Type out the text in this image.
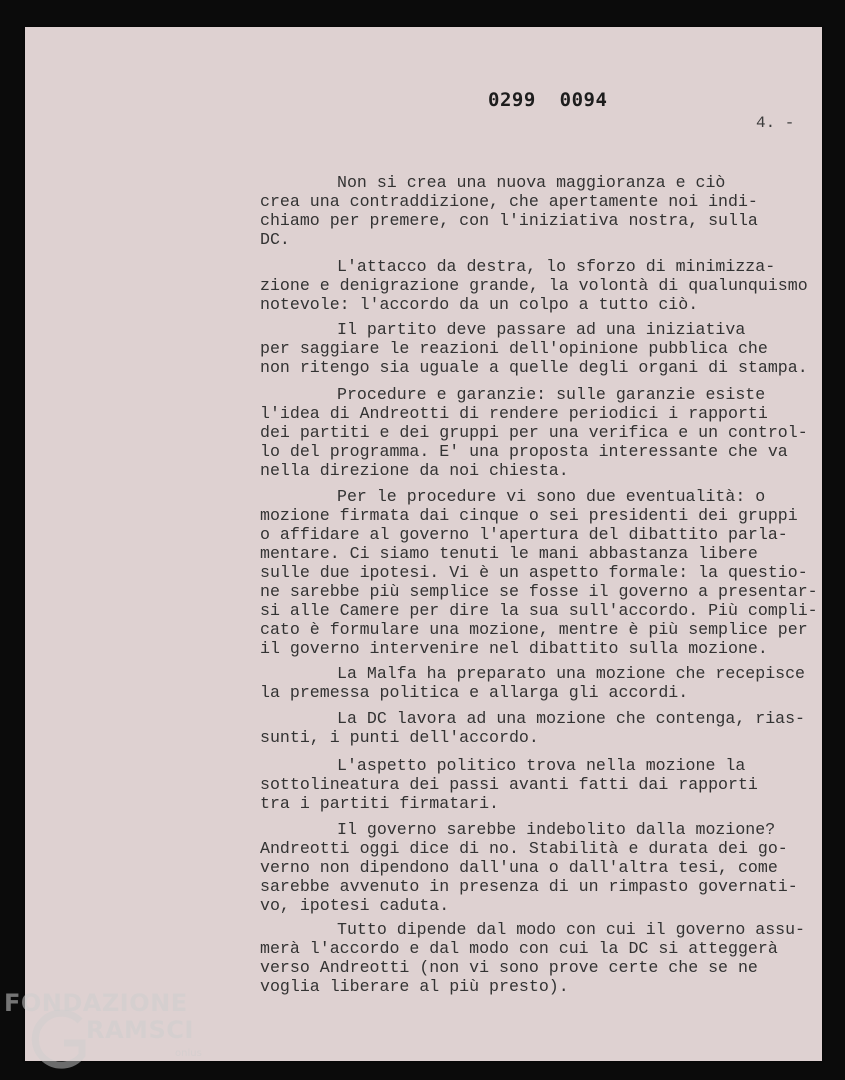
0299  0094
4. -
Non si crea una nuova maggioranza e ciò
crea una contraddizione, che apertamente noi indi-
chiamo per premere, con l'iniziativa nostra, sulla
DC.
L'attacco da destra, lo sforzo di minimizza-
zione e denigrazione grande, la volontà di qualunquismo
notevole: l'accordo da un colpo a tutto ciò.
Il partito deve passare ad una iniziativa
per saggiare le reazioni dell'opinione pubblica che
non ritengo sia uguale a quelle degli organi di stampa.
Procedure e garanzie: sulle garanzie esiste
l'idea di Andreotti di rendere periodici i rapporti
dei partiti e dei gruppi per una verifica e un control-
lo del programma. E' una proposta interessante che va
nella direzione da noi chiesta.
Per le procedure vi sono due eventualità: o
mozione firmata dai cinque o sei presidenti dei gruppi
o affidare al governo l'apertura del dibattito parla-
mentare. Ci siamo tenuti le mani abbastanza libere
sulle due ipotesi. Vi è un aspetto formale: la questio-
ne sarebbe più semplice se fosse il governo a presentar-
si alle Camere per dire la sua sull'accordo. Più compli-
cato è formulare una mozione, mentre è più semplice per
il governo intervenire nel dibattito sulla mozione.
La Malfa ha preparato una mozione che recepisce
la premessa politica e allarga gli accordi.
La DC lavora ad una mozione che contenga, rias-
sunti, i punti dell'accordo.
L'aspetto politico trova nella mozione la
sottolineatura dei passi avanti fatti dai rapporti
tra i partiti firmatari.
Il governo sarebbe indebolito dalla mozione?
Andreotti oggi dice di no. Stabilità e durata dei go-
verno non dipendono dall'una o dall'altra tesi, come
sarebbe avvenuto in presenza di un rimpasto governati-
vo, ipotesi caduta.
Tutto dipende dal modo con cui il governo assu-
merà l'accordo e dal modo con cui la DC si atteggerà
verso Andreotti (non vi sono prove certe che se ne
voglia liberare al più presto).
FONDAZIONE
RAMSCI
onlus
